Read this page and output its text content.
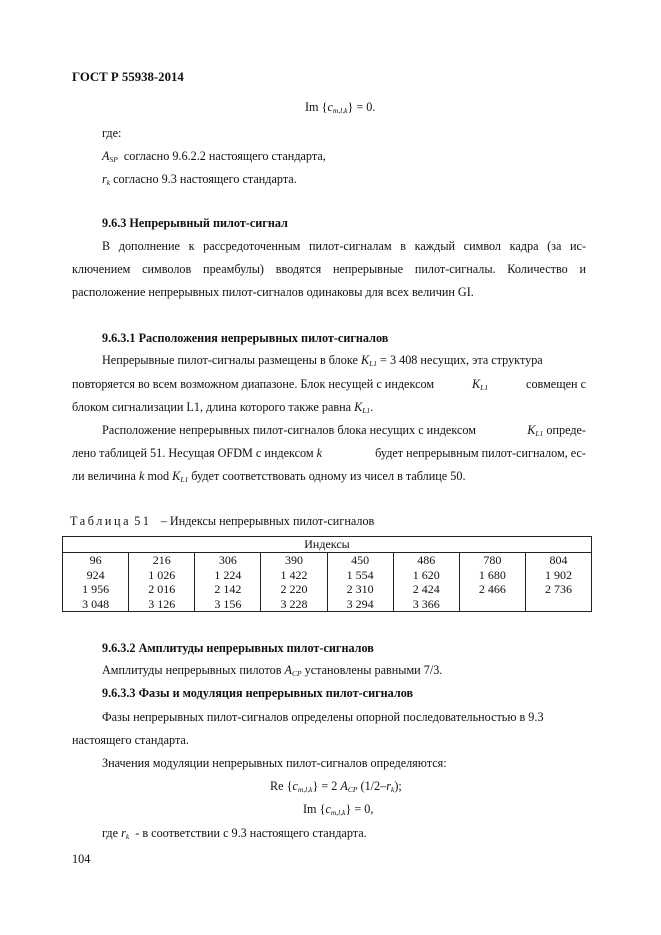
ГОСТ Р 55938-2014
Im $\{c_{m,l,k}\} = 0$.
где:
$A_{SP}$ согласно 9.6.2.2 настоящего стандарта,
$r_k$ согласно 9.3 настоящего стандарта.
9.6.3 Непрерывный пилот-сигнал
В дополнение к рассредоточенным пилот-сигналам в каждый символ кадра (за ис-
ключением символов преамбулы) вводятся непрерывные пилот-сигналы. Количество и
расположение непрерывных пилот-сигналов одинаковы для всех величин GI.
9.6.3.1 Расположения непрерывных пилот-сигналов
Непрерывные пилот-сигналы размещены в блоке $K_{L1} = 3$ 408 несущих, эта структура
повторяется во всем возможном диапазоне. Блок несущей с индексом	$K_{L1}$	совмещен с
блоком сигнализации L1, длина которого также равна $K_{L1}$.
Расположение непрерывных пилот-сигналов блока несущих с индексом	$K_{L1}$ опреде-
лено таблицей 51. Несущая OFDM с индексом k	будет непрерывным пилот-сигналом, ес-
ли величина k mod $K_{L1}$ будет соответствовать одному из чисел в таблице 50.
Таблица 51 – Индексы непрерывных пилот-сигналов
Индексы							
96	216	306	390	450	486	780	804
924	1 026	1 224	1 422	1 554	1 620	1 680	1 902
1 956	2 016	2 142	2 220	2 310	2 424	2 466	2 736
3 048	3 126	3 156	3 228	3 294	3 366		
9.6.3.2 Амплитуды непрерывных пилот-сигналов
Амплитуды непрерывных пилотов $A_{CP}$ установлены равными 7/3.
9.6.3.3 Фазы и модуляция непрерывных пилот-сигналов
Фазы непрерывных пилот-сигналов определены опорной последовательностью в 9.3
настоящего стандарта.
Значения модуляции непрерывных пилот-сигналов определяются:
Re $\{c_{m,l,k}\} = 2$ $A_{CP}$ $(1/2-r_k)$;
Im $\{c_{m,l,k}\} = 0$,
где $r_k$ - в соответствии с 9.3 настоящего стандарта.
104
